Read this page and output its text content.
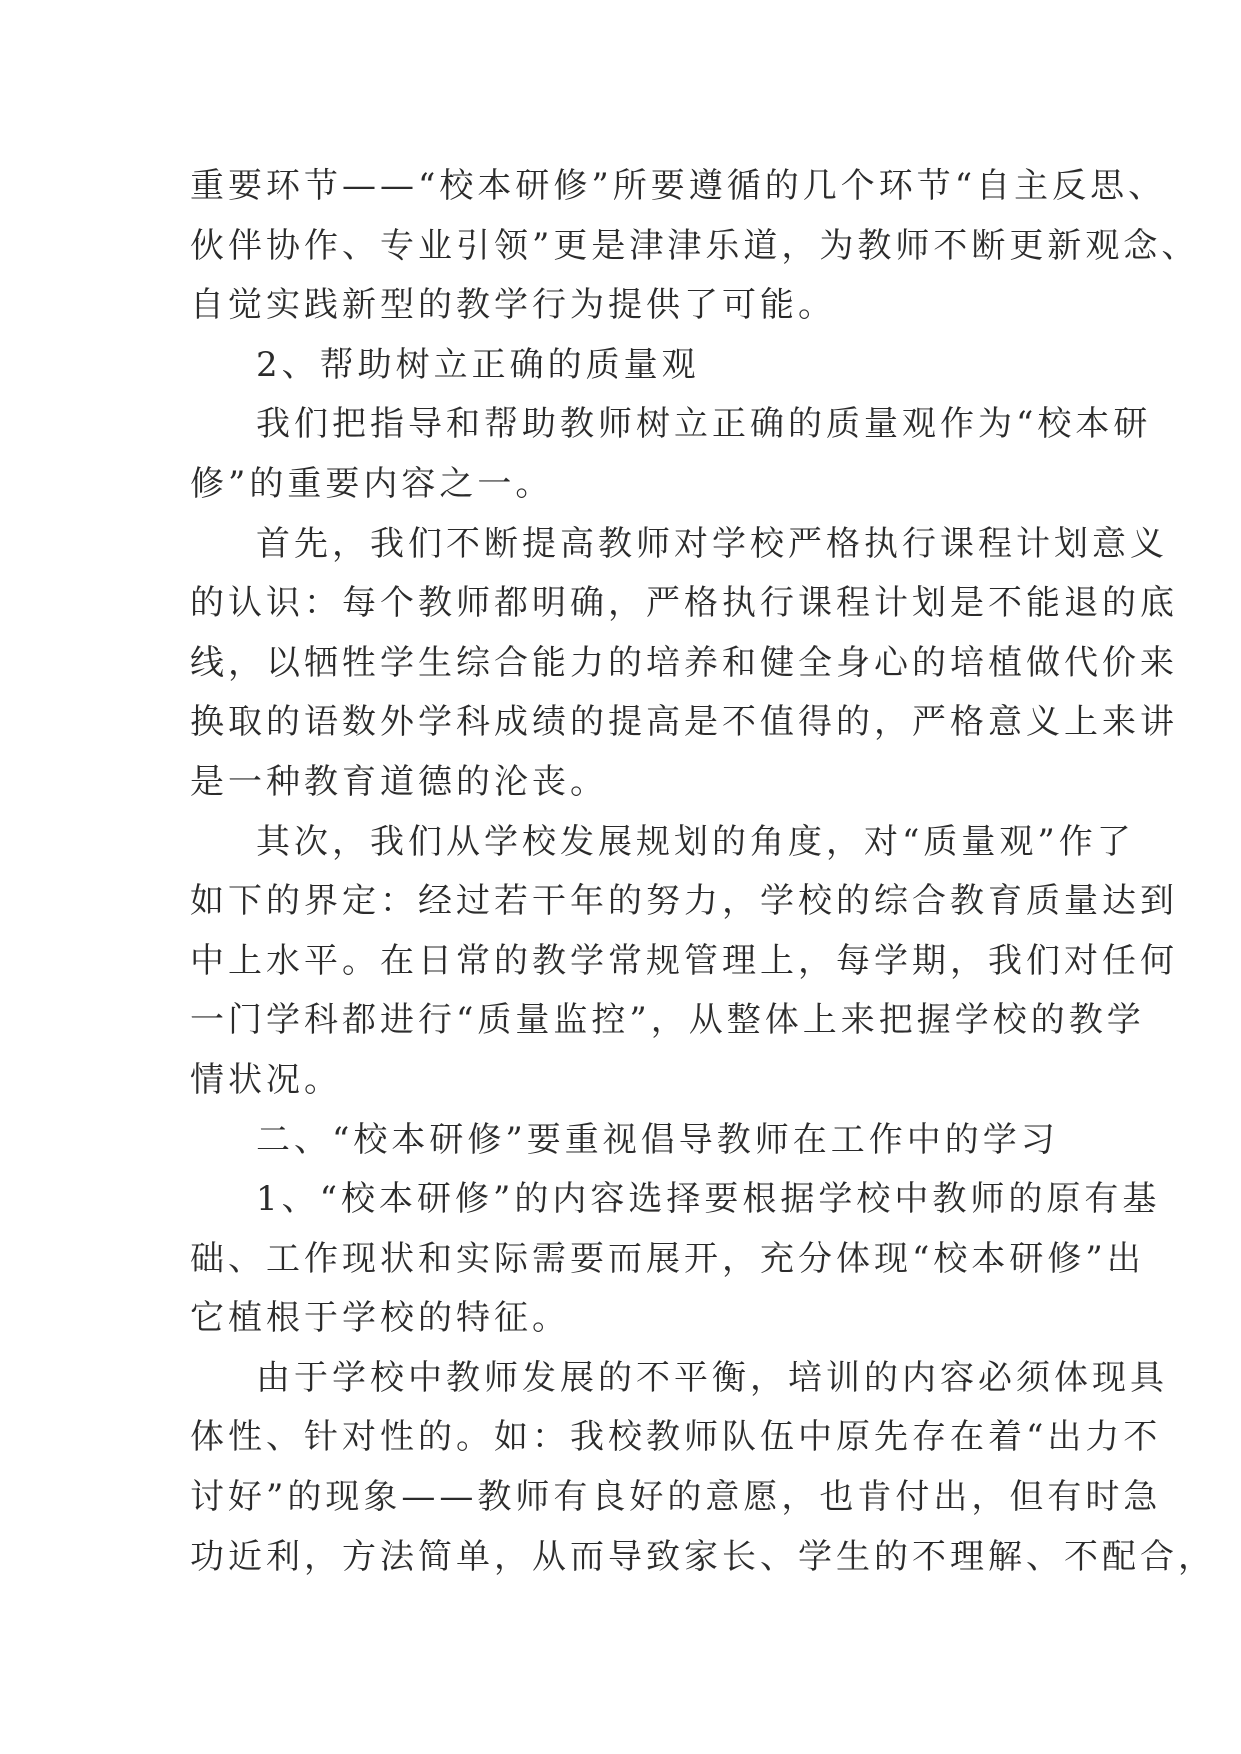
重要环节——“校本研修”所要遵循的几个环节“自主反思、
伙伴协作、专业引领”更是津津乐道，为教师不断更新观念、
自觉实践新型的教学行为提供了可能。
2、帮助树立正确的质量观
我们把指导和帮助教师树立正确的质量观作为“校本研
修”的重要内容之一。
首先，我们不断提高教师对学校严格执行课程计划意义
的认识：每个教师都明确，严格执行课程计划是不能退的底
线，以牺牲学生综合能力的培养和健全身心的培植做代价来
换取的语数外学科成绩的提高是不值得的，严格意义上来讲
是一种教育道德的沦丧。
其次，我们从学校发展规划的角度，对“质量观”作了
如下的界定：经过若干年的努力，学校的综合教育质量达到
中上水平。在日常的教学常规管理上，每学期，我们对任何
一门学科都进行“质量监控”，从整体上来把握学校的教学
情状况。
二、“校本研修”要重视倡导教师在工作中的学习
1、“校本研修”的内容选择要根据学校中教师的原有基
础、工作现状和实际需要而展开，充分体现“校本研修”出
它植根于学校的特征。
由于学校中教师发展的不平衡，培训的内容必须体现具
体性、针对性的。如：我校教师队伍中原先存在着“出力不
讨好”的现象——教师有良好的意愿，也肯付出，但有时急
功近利，方法简单，从而导致家长、学生的不理解、不配合，
